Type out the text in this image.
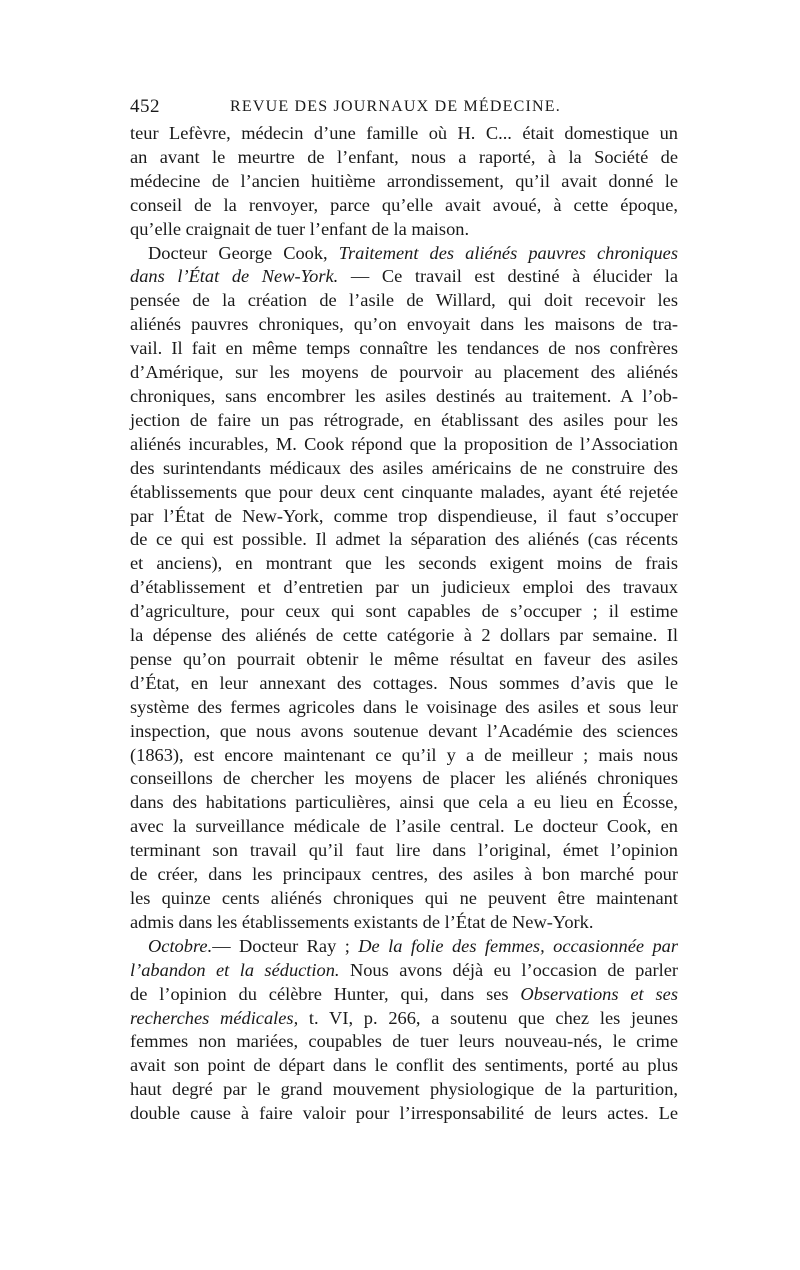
452	REVUE DES JOURNAUX DE MÉDECINE.
teur Lefèvre, médecin d’une famille où H. C... était domestique un
an avant le meurtre de l’enfant, nous a raporté, à la Société de
médecine de l’ancien huitième arrondissement, qu’il avait donné le
conseil de la renvoyer, parce qu’elle avait avoué, à cette époque,
qu’elle craignait de tuer l’enfant de la maison.
Docteur George Cook, Traitement des aliénés pauvres chroniques
dans l’État de New-York. — Ce travail est destiné à élucider la
pensée de la création de l’asile de Willard, qui doit recevoir les
aliénés pauvres chroniques, qu’on envoyait dans les maisons de tra-
vail. Il fait en même temps connaître les tendances de nos confrères
d’Amérique, sur les moyens de pourvoir au placement des aliénés
chroniques, sans encombrer les asiles destinés au traitement. A l’ob-
jection de faire un pas rétrograde, en établissant des asiles pour les
aliénés incurables, M. Cook répond que la proposition de l’Association
des surintendants médicaux des asiles américains de ne construire des
établissements que pour deux cent cinquante malades, ayant été rejetée
par l’État de New-York, comme trop dispendieuse, il faut s’occuper
de ce qui est possible. Il admet la séparation des aliénés (cas récents
et anciens), en montrant que les seconds exigent moins de frais
d’établissement et d’entretien par un judicieux emploi des travaux
d’agriculture, pour ceux qui sont capables de s’occuper ; il estime
la dépense des aliénés de cette catégorie à 2 dollars par semaine. Il
pense qu’on pourrait obtenir le même résultat en faveur des asiles
d’État, en leur annexant des cottages. Nous sommes d’avis que le
système des fermes agricoles dans le voisinage des asiles et sous leur
inspection, que nous avons soutenue devant l’Académie des sciences
(1863), est encore maintenant ce qu’il y a de meilleur ; mais nous
conseillons de chercher les moyens de placer les aliénés chroniques
dans des habitations particulières, ainsi que cela a eu lieu en Écosse,
avec la surveillance médicale de l’asile central. Le docteur Cook, en
terminant son travail qu’il faut lire dans l’original, émet l’opinion
de créer, dans les principaux centres, des asiles à bon marché pour
les quinze cents aliénés chroniques qui ne peuvent être maintenant
admis dans les établissements existants de l’État de New-York.
Octobre.— Docteur Ray ; De la folie des femmes, occasionnée par
l’abandon et la séduction. Nous avons déjà eu l’occasion de parler
de l’opinion du célèbre Hunter, qui, dans ses Observations et ses
recherches médicales, t. VI, p. 266, a soutenu que chez les jeunes
femmes non mariées, coupables de tuer leurs nouveau-nés, le crime
avait son point de départ dans le conflit des sentiments, porté au plus
haut degré par le grand mouvement physiologique de la parturition,
double cause à faire valoir pour l’irresponsabilité de leurs actes. Le
